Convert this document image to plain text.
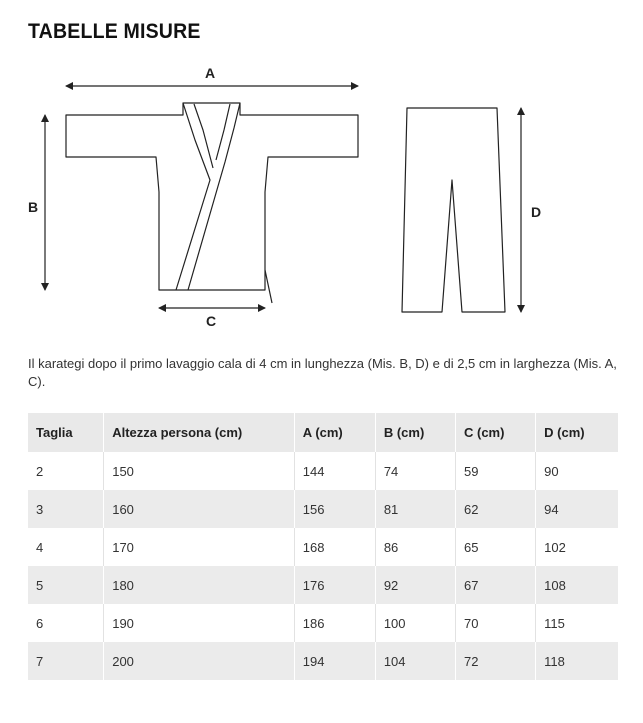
TABELLE MISURE
A
B
C
D
Il karategi dopo il primo lavaggio cala di 4 cm in lunghezza (Mis. B, D) e di 2,5 cm in larghezza (Mis. A, C).
Taglia	Altezza persona (cm)	A (cm)	B (cm)	C (cm)	D (cm)
2	150	144	74	59	90
3	160	156	81	62	94
4	170	168	86	65	102
5	180	176	92	67	108
6	190	186	100	70	115
7	200	194	104	72	118
